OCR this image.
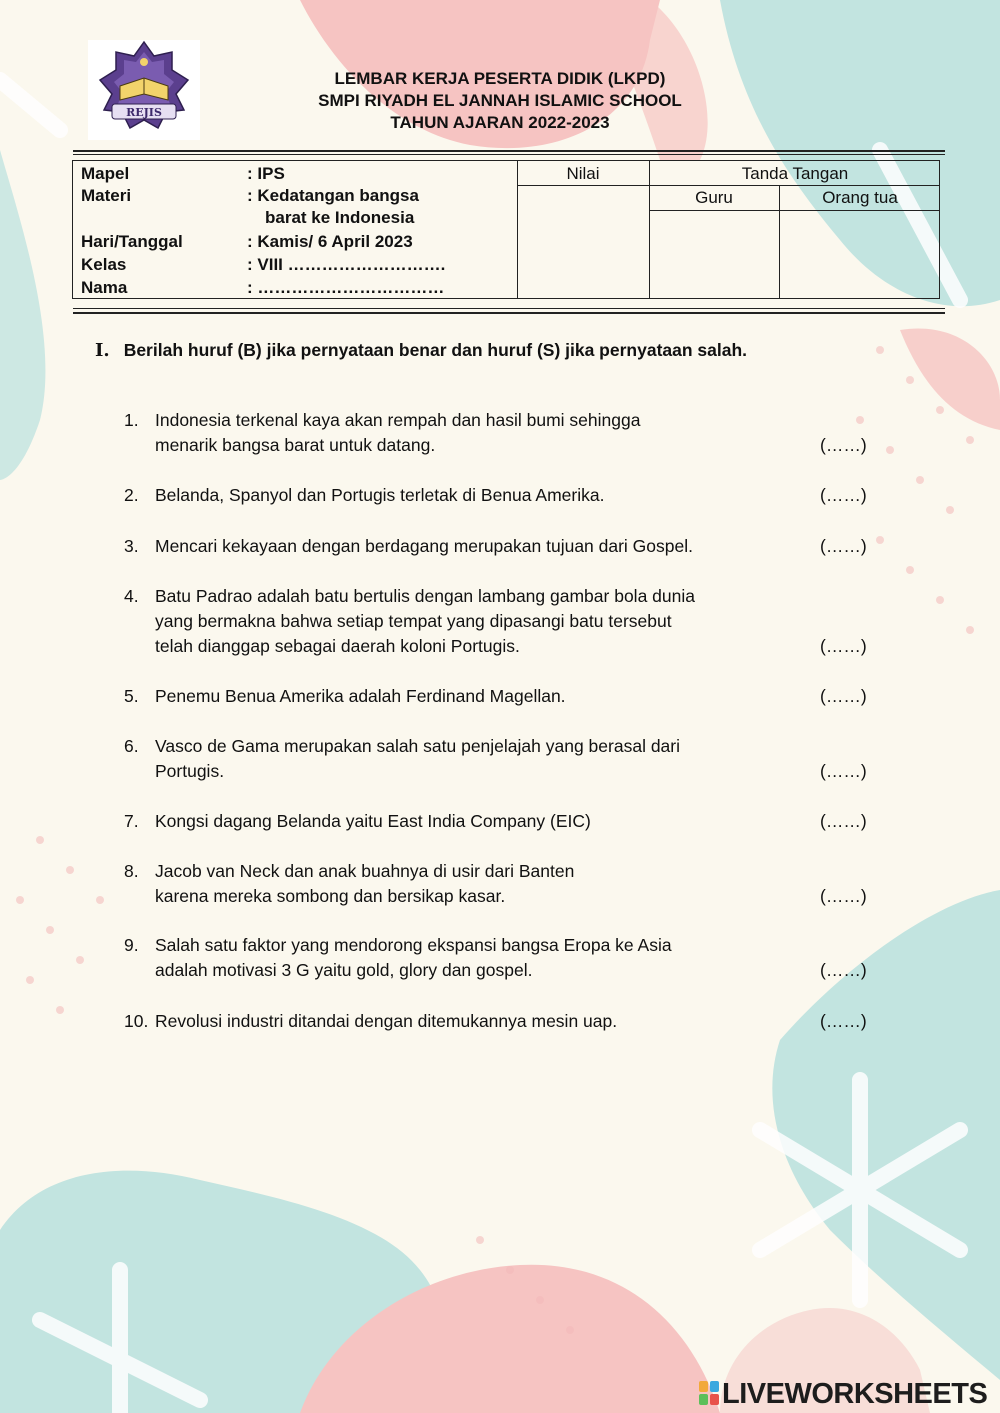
REJIS
LEMBAR KERJA PESERTA DIDIK (LKPD)
SMPI RIYADH EL JANNAH ISLAMIC SCHOOL
TAHUN AJARAN 2022-2023
Mapel	: IPS
Materi	: Kedatangan bangsa
barat ke Indonesia
Hari/Tanggal	: Kamis/ 6 April 2023
Kelas	: VIII ……………………….
Nama	: ……………………………
Nilai	Tanda Tangan
Guru	Orang tua
I. Berilah huruf (B) jika pernyataan benar dan huruf (S) jika pernyataan salah.
1. Indonesia terkenal kaya akan rempah dan hasil bumi sehingga
menarik bangsa barat untuk datang.	(……)
2. Belanda, Spanyol dan Portugis terletak di Benua Amerika.	(……)
3. Mencari kekayaan dengan berdagang merupakan tujuan dari Gospel.	(……)
4. Batu Padrao adalah batu bertulis dengan lambang gambar bola dunia
yang bermakna bahwa setiap tempat yang dipasangi batu tersebut
telah dianggap sebagai daerah koloni Portugis.	(……)
5. Penemu Benua Amerika adalah Ferdinand Magellan.	(……)
6. Vasco de Gama merupakan salah satu penjelajah yang berasal dari
Portugis.	(……)
7. Kongsi dagang Belanda yaitu East India Company (EIC)	(……)
8. Jacob van Neck dan anak buahnya di usir dari Banten
karena mereka sombong dan bersikap kasar.	(……)
9. Salah satu faktor yang mendorong ekspansi bangsa Eropa ke Asia
adalah motivasi 3 G yaitu gold, glory dan gospel.	(……)
10. Revolusi industri ditandai dengan ditemukannya mesin uap.	(……)
LIVEWORKSHEETS
